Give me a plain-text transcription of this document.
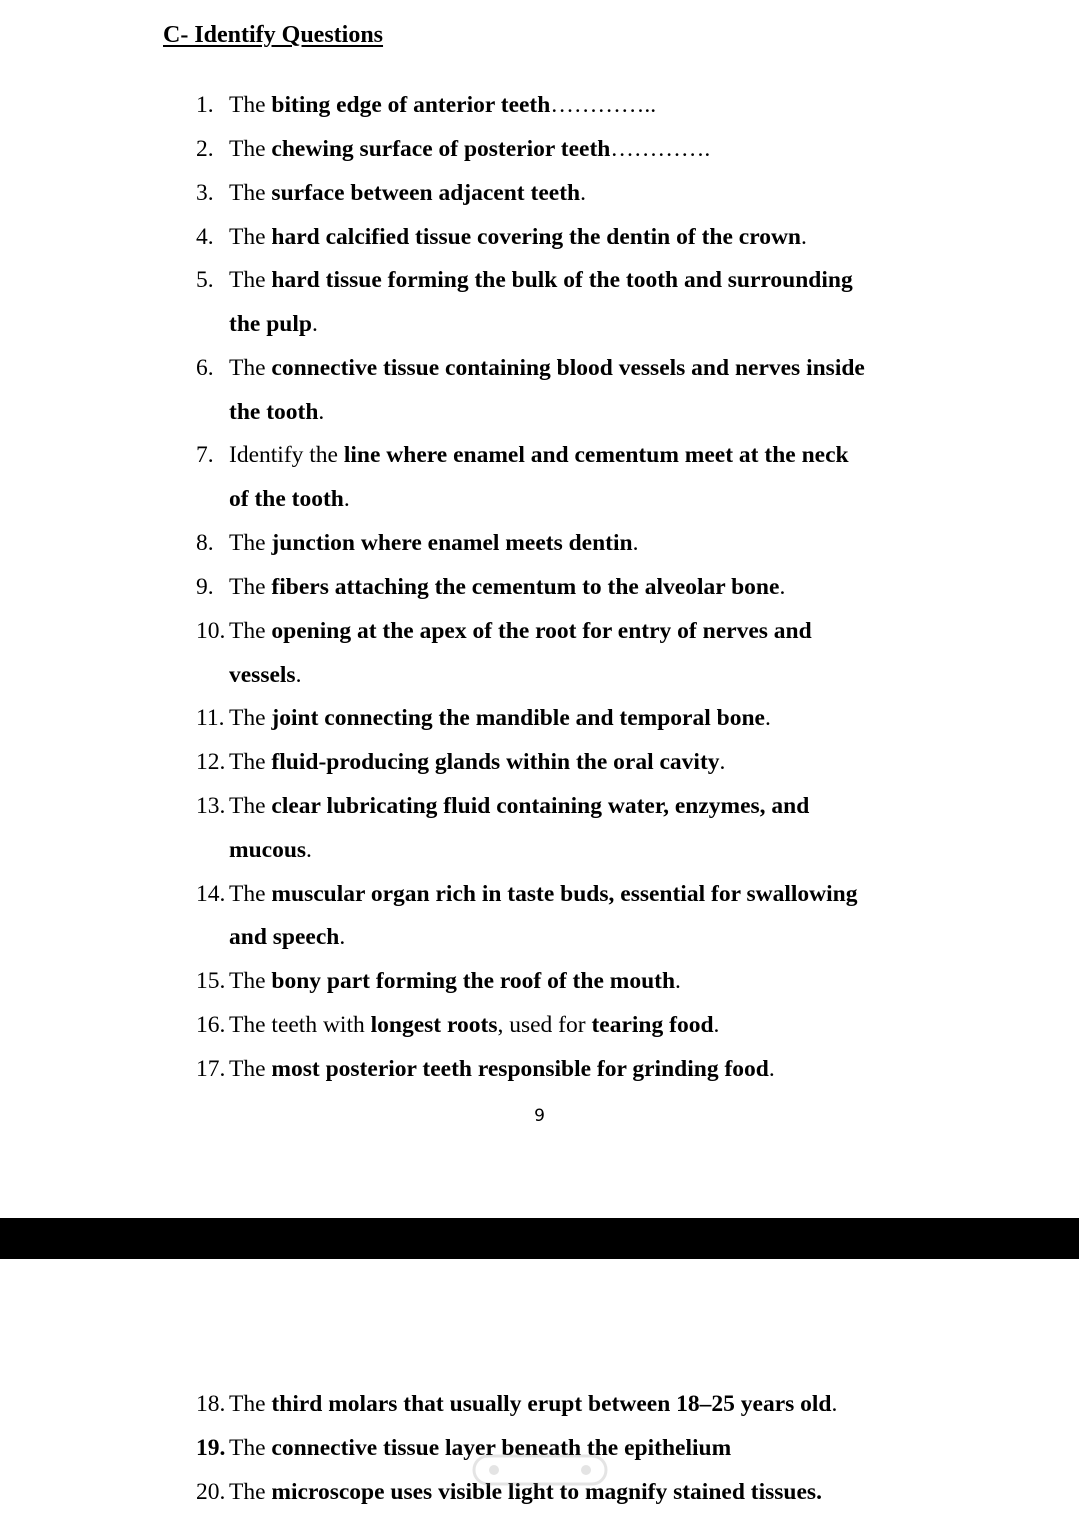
C- Identify Questions
1. The biting edge of anterior teeth…………..
2. The chewing surface of posterior teeth………….
3. The surface between adjacent teeth.
4. The hard calcified tissue covering the dentin of the crown.
5. The hard tissue forming the bulk of the tooth and surrounding
the pulp.
6. The connective tissue containing blood vessels and nerves inside
the tooth.
7. Identify the line where enamel and cementum meet at the neck
of the tooth.
8. The junction where enamel meets dentin.
9. The fibers attaching the cementum to the alveolar bone.
10. The opening at the apex of the root for entry of nerves and
vessels.
11. The joint connecting the mandible and temporal bone.
12. The fluid-producing glands within the oral cavity.
13. The clear lubricating fluid containing water, enzymes, and
mucous.
14. The muscular organ rich in taste buds, essential for swallowing
and speech.
15. The bony part forming the roof of the mouth.
16. The teeth with longest roots, used for tearing food.
17. The most posterior teeth responsible for grinding food.
9
18. The third molars that usually erupt between 18–25 years old.
19. The connective tissue layer beneath the epithelium
20. The microscope uses visible light to magnify stained tissues.
